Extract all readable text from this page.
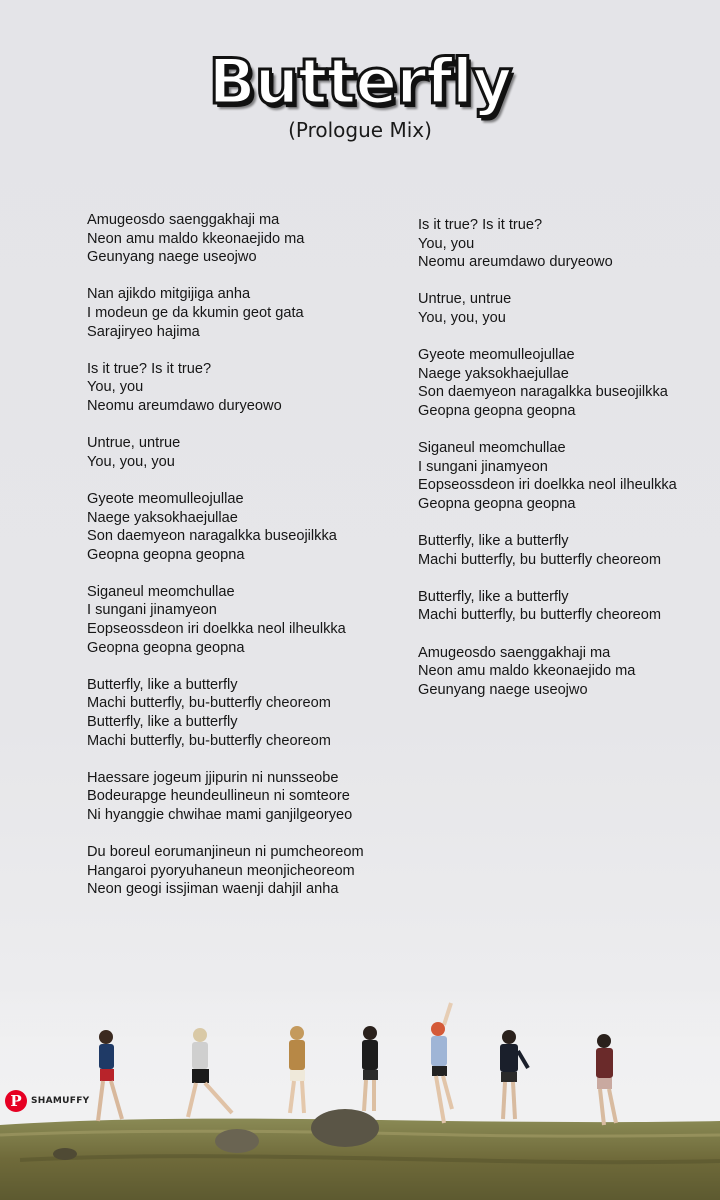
Butterfly
(Prologue Mix)
Amugeosdo saenggakhaji ma
Neon amu maldo kkeonaejido ma
Geunyang naege useojwo
Nan ajikdo mitgijiga anha
I modeun ge da kkumin geot gata
Sarajiryeo hajima
Is it true? Is it true?
You, you
Neomu areumdawo duryeowo
Untrue, untrue
You, you, you
Gyeote meomulleojullae
Naege yaksokhaejullae
Son daemyeon naragalkka buseojilkka
Geopna geopna geopna
Siganeul meomchullae
I sungani jinamyeon
Eopseossdeon iri doelkka neol ilheulkka
Geopna geopna geopna
Butterfly, like a butterfly
Machi butterfly, bu-butterfly cheoreom
Butterfly, like a butterfly
Machi butterfly, bu-butterfly cheoreom
Haessare jogeum jjipurin ni nunsseobe
Bodeurapge heundeullineun ni somteore
Ni hyanggie chwihae mami ganjilgeoryeo
Du boreul eorumanjineun ni pumcheoreom
Hangaroi pyoryuhaneun meonjicheoreom
Neon geogi issjiman waenji dahjil anha
Is it true? Is it true?
You, you
Neomu areumdawo duryeowo
Untrue, untrue
You, you, you
Gyeote meomulleojullae
Naege yaksokhaejullae
Son daemyeon naragalkka buseojilkka
Geopna geopna geopna
Siganeul meomchullae
I sungani jinamyeon
Eopseossdeon iri doelkka neol ilheulkka
Geopna geopna geopna
Butterfly, like a butterfly
Machi butterfly, bu butterfly cheoreom
Butterfly, like a butterfly
Machi butterfly, bu butterfly cheoreom
Amugeosdo saenggakhaji ma
Neon amu maldo kkeonaejido ma
Geunyang naege useojwo
P	SHAMUFFY
